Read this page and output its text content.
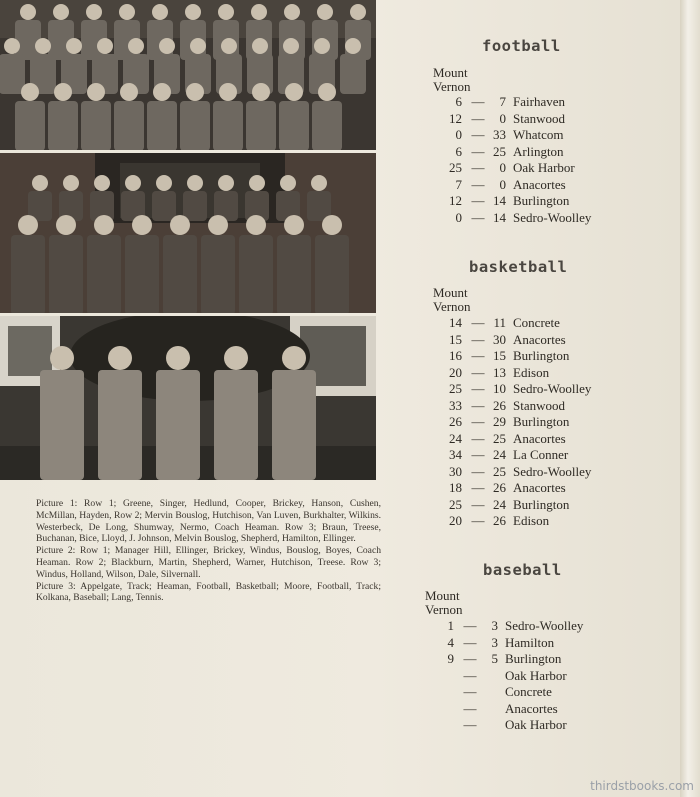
Picture 1: Row 1; Greene, Singer, Hedlund, Cooper, Brickey, Hanson, Cushen, McMillan, Hayden, Row 2; Mervin Bouslog, Hutchison, Van Luven, Burkhalter, Wilkins. Westerbeck, De Long, Shumway, Nermo, Coach Heaman. Row 3; Braun, Treese, Buchanan, Bice, Lloyd, J. Johnson, Melvin Bouslog, Shepherd, Hamilton, Ellinger.

Picture 2: Row 1; Manager Hill, Ellinger, Brickey, Windus, Bouslog, Boyes, Coach Heaman. Row 2; Blackburn, Martin, Shepherd, Warner, Hutchison, Treese. Row 3; Windus, Holland, Wilson, Dale, Silvernall.

Picture 3: Appelgate, Track; Heaman, Football, Basketball; Moore, Football, Track; Kolkana, Baseball; Lang, Tennis.

football
Mount Vernon
6 —	7 Fairhaven
12 —	0 Stanwood
0 — 33 Whatcom
6 — 25 Arlington
25 —	0 Oak Harbor
7 —	0 Anacortes
12 — 14 Burlington
0 — 14 Sedro-Woolley
basketball
Mount Vernon
14 — 11 Concrete
15 — 30 Anacortes
16 — 15 Burlington
20 — 13 Edison
25 — 10 Sedro-Woolley
33 — 26 Stanwood
26 — 29 Burlington
24 — 25 Anacortes
34 — 24 La Conner
30 — 25 Sedro-Woolley
18 — 26 Anacortes
25 — 24 Burlington
20 — 26 Edison
baseball
Mount Vernon
1 —	3 Sedro-Woolley
4 —	3 Hamilton
9 —	5 Burlington
— Oak Harbor
— Concrete
— Anacortes
— Oak Harbor
thirdstbooks.com
